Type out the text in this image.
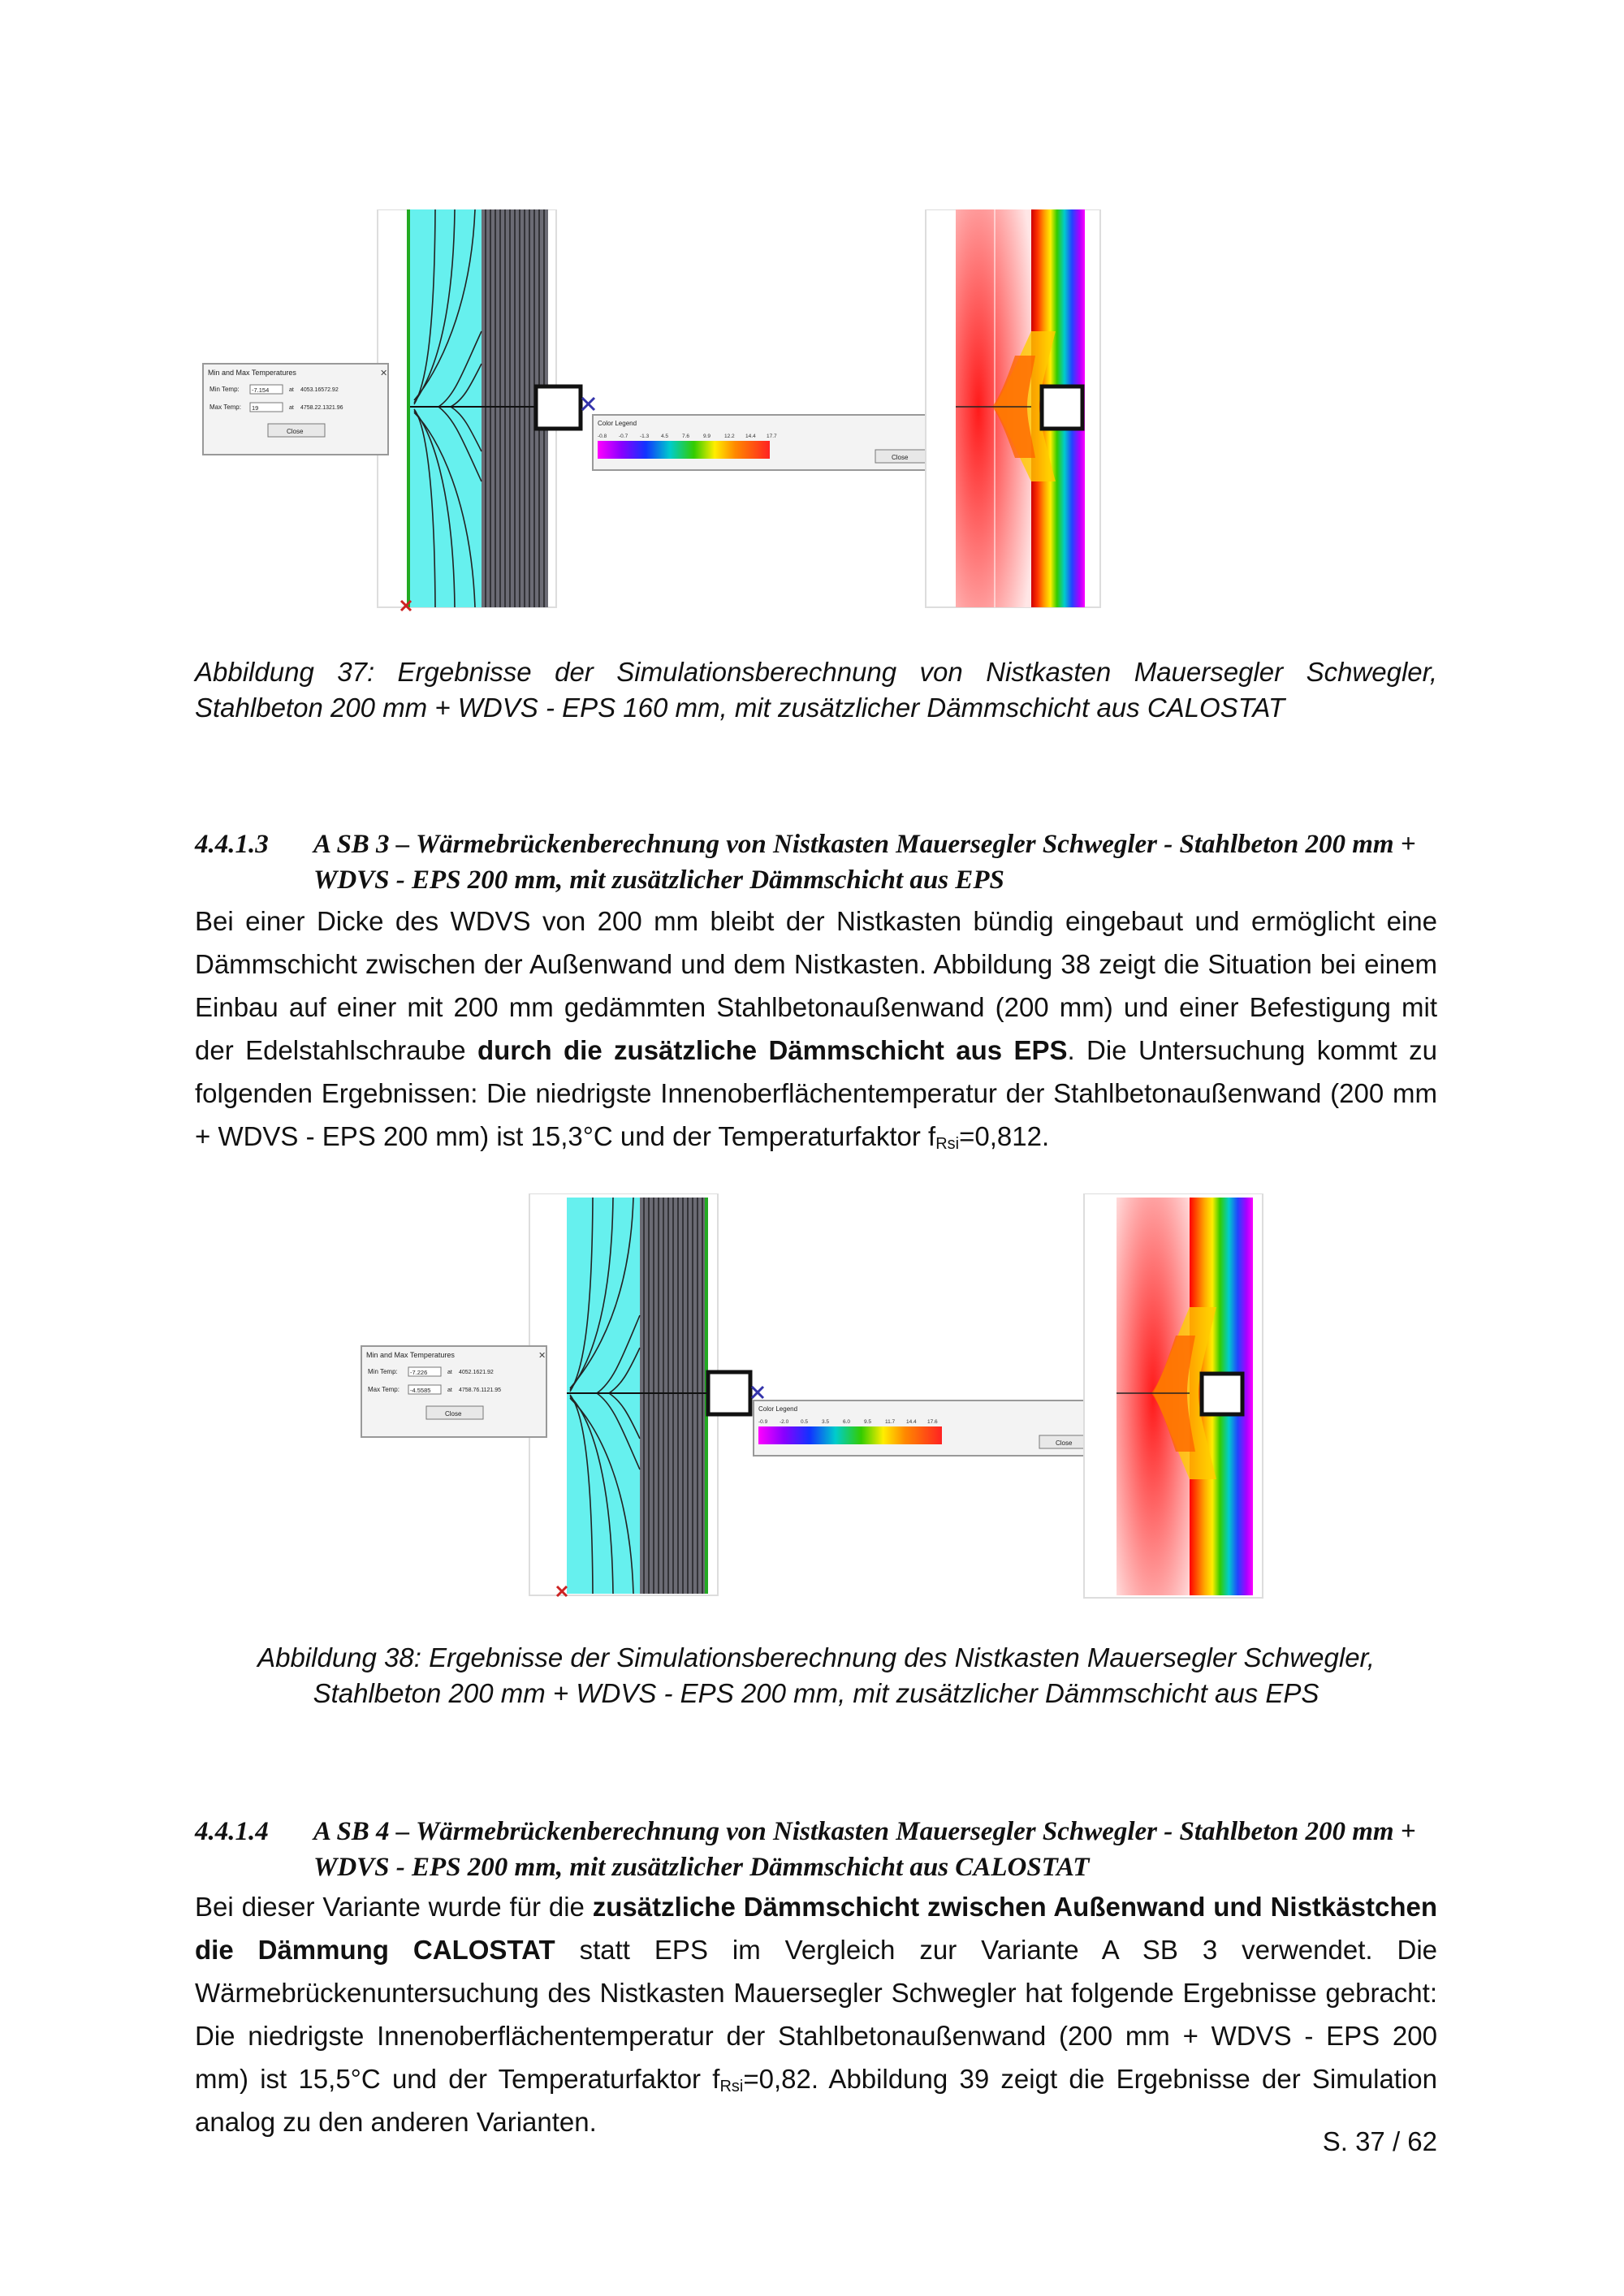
Min and Max Temperatures	✕
Min Temp: -7.154	at 4053.16572.92
Max Temp: 19	at 4758.22.1321.96
Close
Color Legend
-0.8 -0.7 -1.3 4.5	7.6	9.9	12.2 14.4 17.7
Close
Abbildung 37: Ergebnisse der Simulationsberechnung von Nistkasten Mauersegler Schwegler, Stahlbeton 200 mm + WDVS - EPS 160 mm, mit zusätzlicher Dämmschicht aus CALOSTAT
4.4.1.3 A SB 3 – Wärmebrückenberechnung von Nistkasten Mauersegler Schwegler - Stahlbeton 200 mm + WDVS - EPS 200 mm, mit zusätzlicher Dämmschicht aus EPS
Bei einer Dicke des WDVS von 200 mm bleibt der Nistkasten bündig eingebaut und ermöglicht eine Dämmschicht zwischen der Außenwand und dem Nistkasten. Abbildung 38 zeigt die Situation bei einem Einbau auf einer mit 200 mm gedämmten Stahlbetonaußenwand (200 mm) und einer Befestigung mit der Edelstahlschraube durch die zusätzliche Dämmschicht aus EPS. Die Untersuchung kommt zu folgenden Ergebnissen: Die niedrigste Innenoberflächentemperatur der Stahlbetonaußenwand (200 mm + WDVS - EPS 200 mm) ist 15,3°C und der Temperaturfaktor $f_{Rsi}=0,812$.
Min and Max Temperatures	✕
Min Temp: -7.226	at 4052.1621.92
Max Temp: -4.5585	at 4758.76.1121.95
Close
Color Legend
-0.9 -2.0 0.5	3.5	6.0	9.5	11.7 14.4 17.6
Close
Abbildung 38: Ergebnisse der Simulationsberechnung des Nistkasten Mauersegler Schwegler,
Stahlbeton 200 mm + WDVS - EPS 200 mm, mit zusätzlicher Dämmschicht aus EPS
4.4.1.4 A SB 4 – Wärmebrückenberechnung von Nistkasten Mauersegler Schwegler - Stahlbeton 200 mm + WDVS - EPS 200 mm, mit zusätzlicher Dämmschicht aus CALOSTAT
Bei dieser Variante wurde für die zusätzliche Dämmschicht zwischen Außenwand und Nistkästchen die Dämmung CALOSTAT statt EPS im Vergleich zur Variante A SB 3 verwendet. Die Wärmebrückenuntersuchung des Nistkasten Mauersegler Schwegler hat folgende Ergebnisse gebracht: Die niedrigste Innenoberflächentemperatur der Stahlbetonaußenwand (200 mm + WDVS - EPS 200 mm) ist 15,5°C und der Temperaturfaktor $f_{Rsi}=0,82$. Abbildung 39 zeigt die Ergebnisse der Simulation analog zu den anderen Varianten.
S. 37 / 62
